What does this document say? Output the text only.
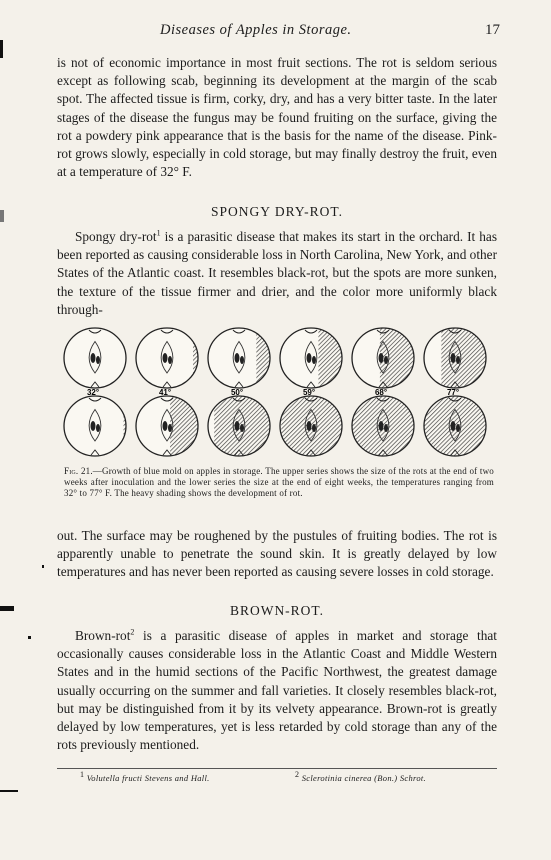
Diseases of Apples in Storage.	17

is not of economic importance in most fruit sections. The rot is seldom serious except as following scab, beginning its development at the margin of the scab spot. The affected tissue is firm, corky, dry, and has a very bitter taste. In the later stages of the disease the fungus may be found fruiting on the surface, giving the rot a powdery pink appearance that is the basis for the name of the disease. Pink-rot grows slowly, especially in cold storage, but may finally destroy the fruit, even at a temperature of 32° F.

SPONGY DRY-ROT.

Spongy dry-rot$^1$ is a parasitic disease that makes its start in the orchard. It has been reported as causing considerable loss in North Carolina, New York, and other States of the Atlantic coast. It resembles black-rot, but the spots are more sunken, the texture of the tissue firmer and drier, and the color more uniformly black through-

32°	41°	50°	59°	68°	77°

Fig. 21.—Growth of blue mold on apples in storage. The upper series shows the size of the rots at the end of two weeks after inoculation and the lower series the size at the end of eight weeks, the temperatures ranging from 32° to 77° F. The heavy shading shows the development of rot.

out. The surface may be roughened by the pustules of fruiting bodies. The rot is apparently unable to penetrate the sound skin. It is greatly delayed by low temperatures and has never been reported as causing severe losses in cold storage.

BROWN-ROT.

Brown-rot$^2$ is a parasitic disease of apples in market and storage that occasionally causes considerable loss in the Atlantic Coast and Middle Western States and in the humid sections of the Pacific Northwest, the greatest damage usually occurring on the summer and fall varieties. It closely resembles black-rot, but may be distinguished from it by its velvety appearance. Brown-rot is greatly delayed by low temperatures, yet is less retarded by cold storage than any of the rots previously mentioned.

$^1$ Volutella fructi Stevens and Hall.	$^2$ Sclerotinia cinerea (Bon.) Schrot.
